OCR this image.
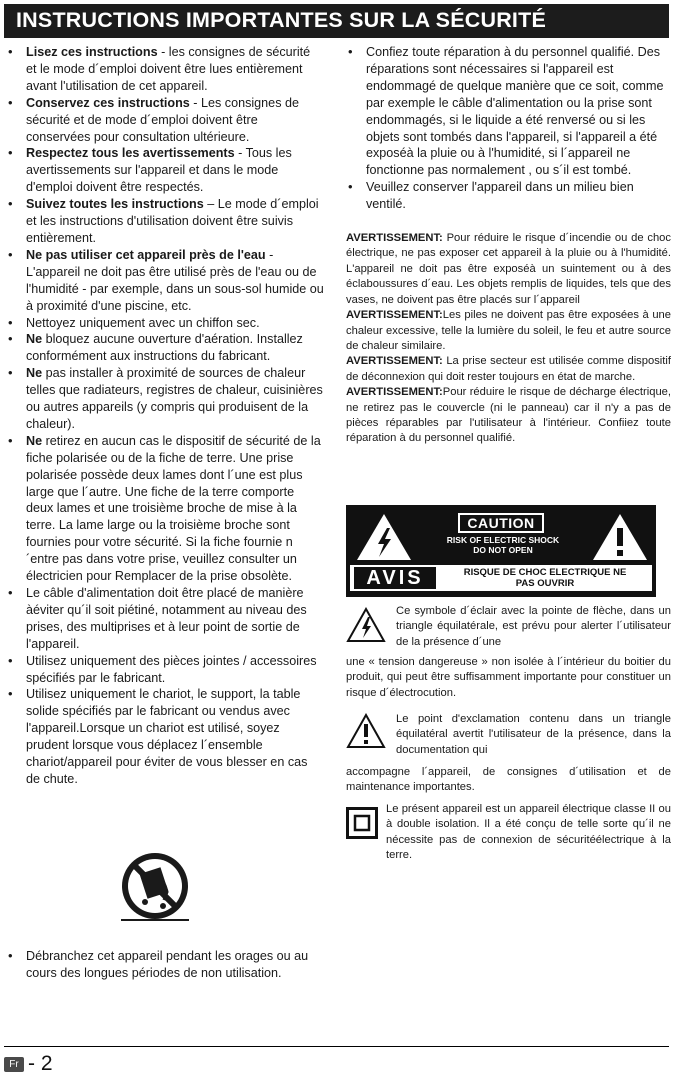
INSTRUCTIONS IMPORTANTES SUR LA SÉCURITÉ
• Lisez ces instructions - les consignes de sécurité et le mode d´emploi doivent être lues entièrement avant l'utilisation de cet appareil.
• Conservez ces instructions - Les consignes de sécurité et de mode d´emploi doivent être conservées pour consultation ultérieure.
• Respectez tous les avertissements - Tous les avertissements sur l'appareil et dans le mode d'emploi doivent être respectés.
• Suivez toutes les instructions – Le mode d´emploi et les instructions d'utilisation doivent être suivis entièrement.
• Ne pas utiliser cet appareil près de l'eau - L'appareil ne doit pas être utilisé près de l'eau ou de l'humidité - par exemple, dans un sous-sol humide ou à proximité d'une piscine, etc.
• Nettoyez uniquement avec un chiffon sec.
• Ne bloquez aucune ouverture d'aération. Installez conformément aux instructions du fabricant.
• Ne pas installer à proximité de sources de chaleur telles que radiateurs, registres de chaleur, cuisinières ou autres appareils (y compris qui produisent de la chaleur).
• Ne retirez en aucun cas le dispositif de sécurité de la fiche polarisée ou de la fiche de terre. Une prise polarisée possède deux lames dont l´une est plus large que l´autre. Une fiche de la terre comporte deux lames et une troisième broche de mise à la terre. La lame large ou la troisième broche sont fournies pour votre sécurité. Si la fiche fournie n´entre pas dans votre prise, veuillez consulter un électricien pour Remplacer de la prise obsolète.
• Le câble d'alimentation doit être placé de manière àéviter qu´il soit piétiné, notamment au niveau des prises, des multiprises et à leur point de sortie de l'appareil.
• Utilisez uniquement des pièces jointes / accessoires spécifiés par le fabricant.
• Utilisez uniquement le chariot, le support, la table solide spécifiés par le fabricant ou vendus avec l'appareil.Lorsque un chariot est utilisé, soyez prudent lorsque vous déplacez l´ensemble chariot/appareil pour éviter de vous blesser en cas de chute.
• Débranchez cet appareil pendant les orages ou au cours des longues périodes de non utilisation.
• Confiez toute réparation à du personnel qualifié. Des réparations sont nécessaires si l'appareil est endommagé de quelque manière que ce soit, comme par exemple le câble d'alimentation ou la prise sont endommagés, si le liquide a été renversé ou si les objets sont tombés dans l'appareil, si l'appareil a été exposéà la pluie ou à l'humidité, si l´appareil ne fonctionne pas normalement , ou s´il est tombé.
• Veuillez conserver l'appareil dans un milieu bien ventilé.

AVERTISSEMENT: Pour réduire le risque d´incendie ou de choc électrique, ne pas exposer cet appareil à la pluie ou à l'humidité. L'appareil ne doit pas être exposéà un suintement ou à des éclaboussures d´eau. Les objets remplis de liquides, tels que des vases, ne doivent pas être placés sur l´appareil

AVERTISSEMENT:Les piles ne doivent pas être exposées à une chaleur excessive, telle la lumière du soleil, le feu et autre source de chaleur similaire.

AVERTISSEMENT: La prise secteur est utilisée comme dispositif de déconnexion qui doit rester toujours en état de marche.

AVERTISSEMENT:Pour réduire le risque de décharge électrique, ne retirez pas le couvercle (ni le panneau) car il n'y a pas de pièces réparables par l'utilisateur à l'intérieur. Confiiez toute réparation à du personnel qualifié.

CAUTION
RISK OF ELECTRIC SHOCK
DO NOT OPEN
AVIS	RISQUE DE CHOC ELECTRIQUE NE
PAS OUVRIR
Ce symbole d´éclair avec la pointe de flèche, dans un triangle équilatérale, est prévu pour alerter l´utilisateur de la présence d´une
une « tension dangereuse » non isolée à l´intérieur du boitier du produit, qui peut être suffisamment importante pour constituer un risque d´électrocution.
Le point d'exclamation contenu dans un triangle équilatéral avertit l'utilisateur de la présence, dans la documentation qui
accompagne l´appareil, de consignes d´utilisation et de maintenance importantes.
Le présent appareil est un appareil électrique classe II ou à double isolation. Il a été conçu de telle sorte qu´il ne nécessite pas de connexion de sécuritéélectrique à la terre.
Fr - 2
